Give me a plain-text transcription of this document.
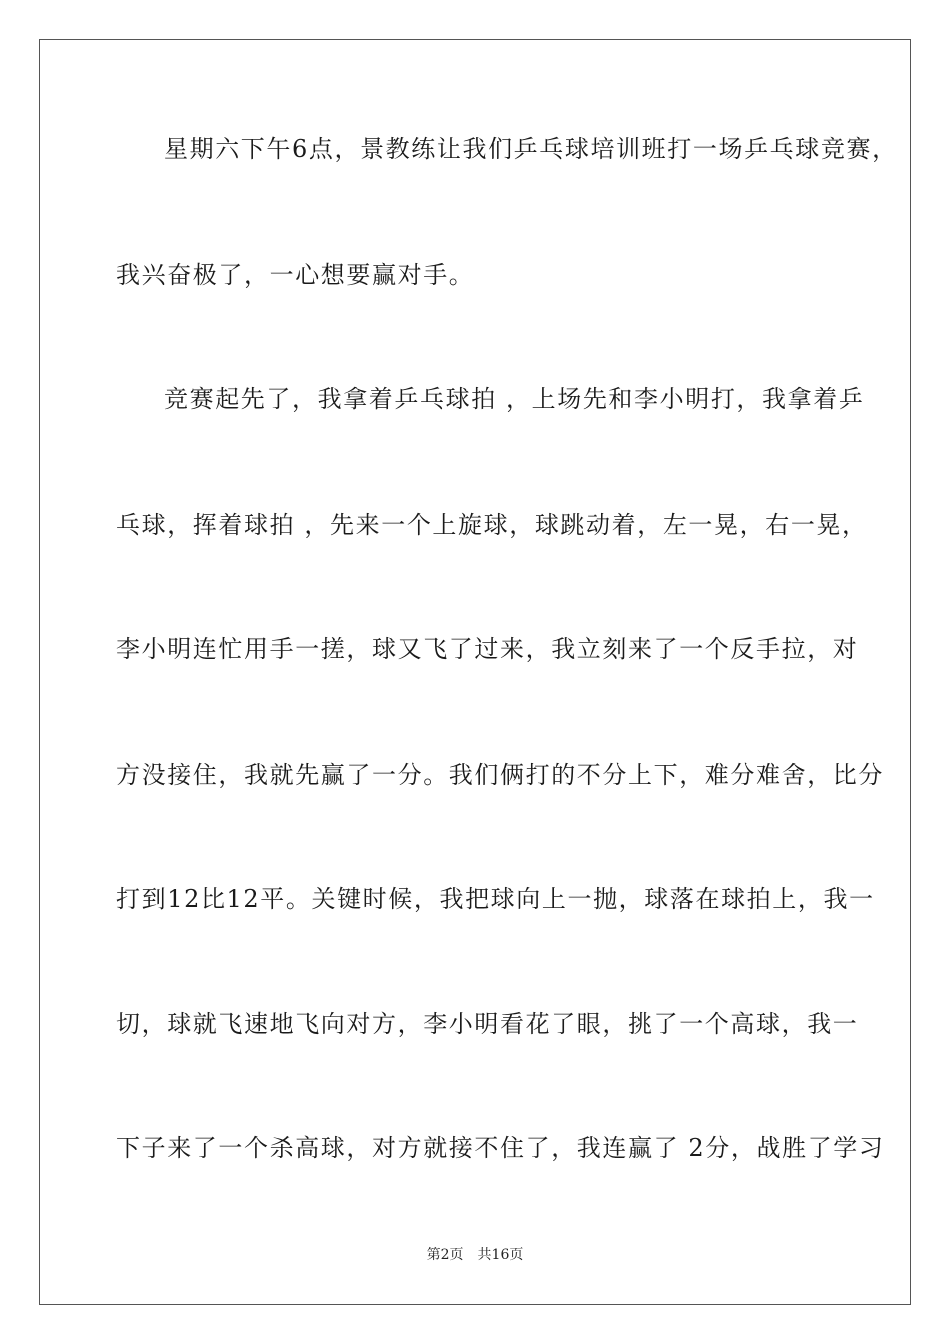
星期六下午6点，景教练让我们乒乓球培训班打一场乒乓球竞赛，
我兴奋极了，一心想要赢对手。
竞赛起先了，我拿着乒乓球拍 ，上场先和李小明打，我拿着乒
乓球，挥着球拍 ，先来一个上旋球，球跳动着，左一晃，右一晃，
李小明连忙用手一搓，球又飞了过来，我立刻来了一个反手拉，对
方没接住，我就先赢了一分。我们俩打的不分上下，难分难舍，比分
打到12比12平。关键时候，我把球向上一抛，球落在球拍上，我一
切，球就飞速地飞向对方，李小明看花了眼，挑了一个高球，我一
下子来了一个杀高球，对方就接不住了，我连赢了 2分，战胜了学习
第2页 共16页
